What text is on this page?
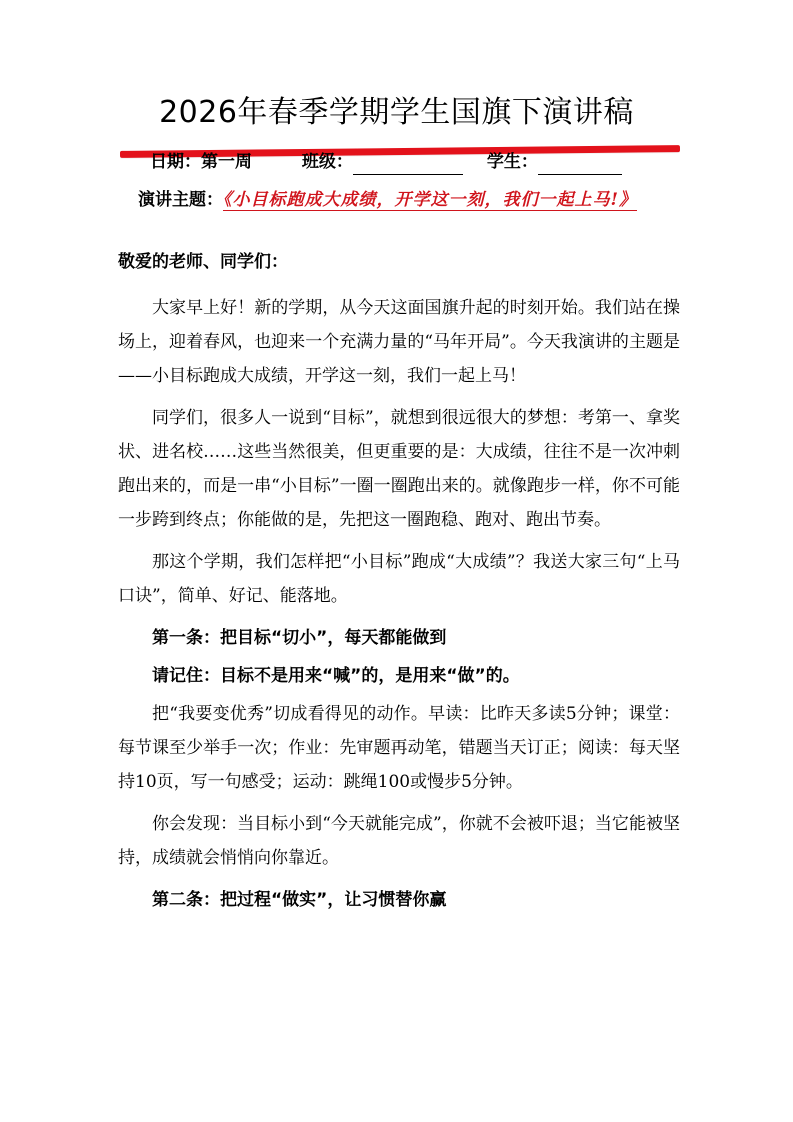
2026年春季学期学生国旗下演讲稿
日期：第一周	班级：	学生：
演讲主题：《小目标跑成大成绩，开学这一刻，我们一起上马!》

敬爱的老师、同学们：

大家早上好！新的学期，从今天这面国旗升起的时刻开始。我们站在操场上，迎着春风，也迎来一个充满力量的“马年开局”。今天我演讲的主题是——小目标跑成大成绩，开学这一刻，我们一起上马！

同学们，很多人一说到“目标”，就想到很远很大的梦想：考第一、拿奖状、进名校……这些当然很美，但更重要的是：大成绩，往往不是一次冲刺跑出来的，而是一串“小目标”一圈一圈跑出来的。就像跑步一样，你不可能一步跨到终点；你能做的是，先把这一圈跑稳、跑对、跑出节奏。

那这个学期，我们怎样把“小目标”跑成“大成绩”？我送大家三句“上马口诀”，简单、好记、能落地。

第一条：把目标“切小”，每天都能做到

请记住：目标不是用来“喊”的，是用来“做”的。

把“我要变优秀”切成看得见的动作。早读：比昨天多读5分钟；课堂：每节课至少举手一次；作业：先审题再动笔，错题当天订正；阅读：每天坚持10页，写一句感受；运动：跳绳100或慢步5分钟。

你会发现：当目标小到“今天就能完成”，你就不会被吓退；当它能被坚持，成绩就会悄悄向你靠近。

第二条：把过程“做实”，让习惯替你赢
